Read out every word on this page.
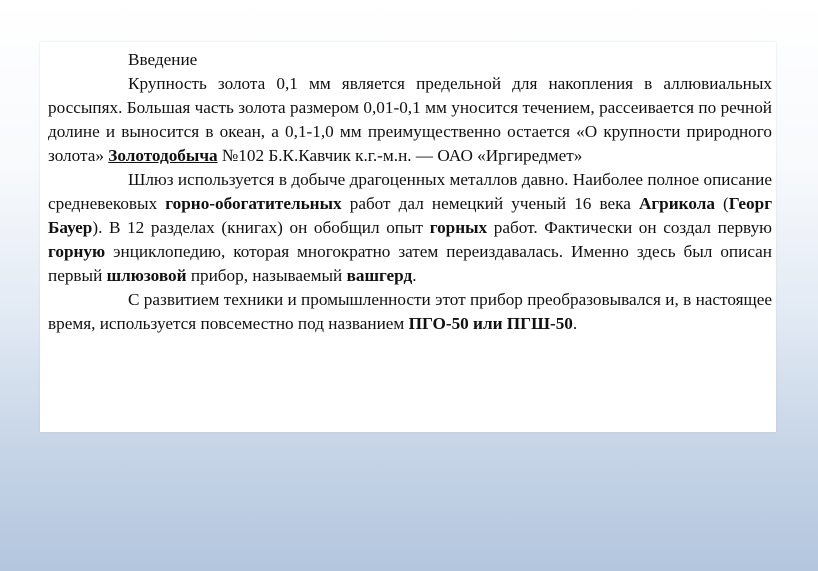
Введение

Крупность золота 0,1 мм является предельной для накопления в аллювиальных россыпях. Большая часть золота размером 0,01-0,1 мм уносится течением, рассеивается по речной долине и выносится в океан, а 0,1-1,0 мм преимущественно остается «О крупности природного золота» Золотодобыча №102 Б.К.Кавчик к.г.-м.н. — ОАО «Иргиредмет»

Шлюз используется в добыче драгоценных металлов давно. Наиболее полное описание средневековых горно-обогатительных работ дал немецкий ученый 16 века Агрикола (Георг Бауер). В 12 разделах (книгах) он обобщил опыт горных работ. Фактически он создал первую горную энциклопедию, которая многократно затем переиздавалась. Именно здесь был описан первый шлюзовой прибор, называемый вашгерд.

С развитием техники и промышленности этот прибор преобразовывался и, в настоящее время, используется повсеместно под названием ПГО-50 или ПГШ-50.
